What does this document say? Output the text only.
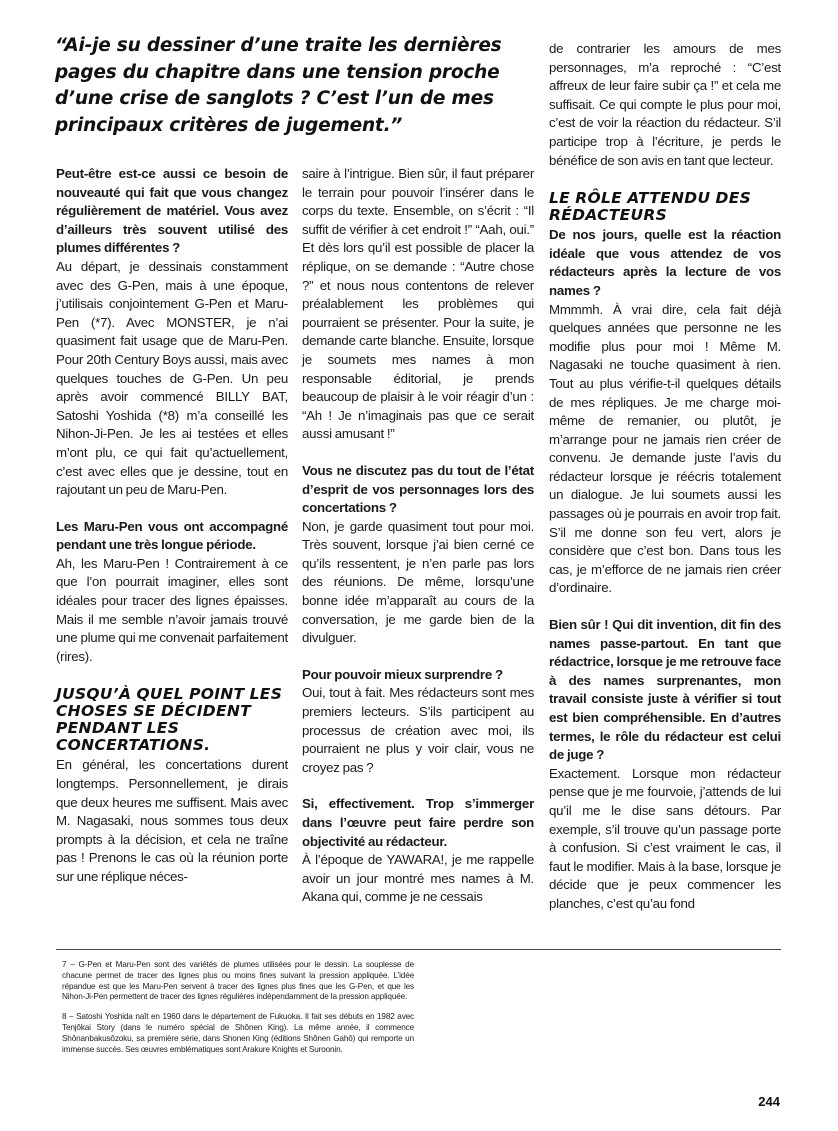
“Ai-je su dessiner d’une traite les dernières pages du chapitre dans une tension proche d’une crise de sanglots ? C’est l’un de mes principaux critères de jugement.”

Peut-être est-ce aussi ce besoin de nouveauté qui fait que vous changez régulièrement de matériel. Vous avez d’ailleurs très souvent utilisé des plumes différentes ?

Au départ, je dessinais constamment avec des G-Pen, mais à une époque, j’utilisais conjointement G-Pen et Maru-Pen (*7). Avec MONSTER, je n’ai quasiment fait usage que de Maru-Pen. Pour 20th Century Boys aussi, mais avec quelques touches de G-Pen. Un peu après avoir commencé BILLY BAT, Satoshi Yoshida (*8) m’a conseillé les Nihon-Ji-Pen. Je les ai testées et elles m’ont plu, ce qui fait qu’actuellement, c’est avec elles que je dessine, tout en rajoutant un peu de Maru-Pen.

Les Maru-Pen vous ont accompagné pendant une très longue période.

Ah, les Maru-Pen ! Contrairement à ce que l’on pourrait imaginer, elles sont idéales pour tracer des lignes épaisses. Mais il me semble n’avoir jamais trouvé une plume qui me convenait parfaitement (rires).

JUSQU’À QUEL POINT LES CHOSES SE DÉCIDENT PENDANT LES CONCERTATIONS.

En général, les concertations durent longtemps. Personnellement, je dirais que deux heures me suffisent. Mais avec M. Nagasaki, nous sommes tous deux prompts à la décision, et cela ne traîne pas ! Prenons le cas où la réunion porte sur une réplique néces-

saire à l’intrigue. Bien sûr, il faut préparer le terrain pour pouvoir l’insérer dans le corps du texte. Ensemble, on s’écrit : “Il suffit de vérifier à cet endroit !” “Aah, oui.” Et dès lors qu’il est possible de placer la réplique, on se demande : “Autre chose ?” et nous nous contentons de relever préalablement les problèmes qui pourraient se présenter. Pour la suite, je demande carte blanche. Ensuite, lorsque je soumets mes names à mon responsable éditorial, je prends beaucoup de plaisir à le voir réagir d’un : “Ah ! Je n’imaginais pas que ce serait aussi amusant !”

Vous ne discutez pas du tout de l’état d’esprit de vos personnages lors des concertations ?

Non, je garde quasiment tout pour moi. Très souvent, lorsque j’ai bien cerné ce qu’ils ressentent, je n’en parle pas lors des réunions. De même, lorsqu’une bonne idée m’apparaît au cours de la conversation, je me garde bien de la divulguer.

Pour pouvoir mieux surprendre ?

Oui, tout à fait. Mes rédacteurs sont mes premiers lecteurs. S’ils participent au processus de création avec moi, ils pourraient ne plus y voir clair, vous ne croyez pas ?

Si, effectivement. Trop s’immerger dans l’œuvre peut faire perdre son objectivité au rédacteur.

À l’époque de YAWARA!, je me rappelle avoir un jour montré mes names à M. Akana qui, comme je ne cessais

de contrarier les amours de mes personnages, m’a reproché : “C’est affreux de leur faire subir ça !” et cela me suffisait. Ce qui compte le plus pour moi, c’est de voir la réaction du rédacteur. S’il participe trop à l’écriture, je perds le bénéfice de son avis en tant que lecteur.

LE RÔLE ATTENDU DES RÉDACTEURS

De nos jours, quelle est la réaction idéale que vous attendez de vos rédacteurs après la lecture de vos names ?

Mmmmh. À vrai dire, cela fait déjà quelques années que personne ne les modifie plus pour moi ! Même M. Nagasaki ne touche quasiment à rien. Tout au plus vérifie-t-il quelques détails de mes répliques. Je me charge moi-même de remanier, ou plutôt, je m’arrange pour ne jamais rien créer de convenu. Je demande juste l’avis du rédacteur lorsque je réécris totalement un dialogue. Je lui soumets aussi les passages où je pourrais en avoir trop fait. S’il me donne son feu vert, alors je considère que c’est bon. Dans tous les cas, je m’efforce de ne jamais rien créer d’ordinaire.

Bien sûr ! Qui dit invention, dit fin des names passe-partout. En tant que rédactrice, lorsque je me retrouve face à des names surprenantes, mon travail consiste juste à vérifier si tout est bien compréhensible. En d’autres termes, le rôle du rédacteur est celui de juge ?

Exactement. Lorsque mon rédacteur pense que je me fourvoie, j’attends de lui qu’il me le dise sans détours. Par exemple, s’il trouve qu’un passage porte à confusion. Si c’est vraiment le cas, il faut le modifier. Mais à la base, lorsque je décide que je peux commencer les planches, c’est qu’au fond

7 – G-Pen et Maru-Pen sont des variétés de plumes utilisées pour le dessin. La souplesse de chacune permet de tracer des lignes plus ou moins fines suivant la pression appliquée. L’idée répandue est que les Maru-Pen servent à tracer des lignes plus fines que les G-Pen, et que les Nihon-Ji-Pen permettent de tracer des lignes régulières indépendamment de la pression appliquée.

8 – Satoshi Yoshida naît en 1960 dans le département de Fukuoka. Il fait ses débuts en 1982 avec Tenjôkai Story (dans le numéro spécial de Shônen King). La même année, il commence Shônanbakusôzoku, sa première série, dans Shonen King (éditions Shônen Gahô) qui remporte un immense succès. Ses œuvres emblématiques sont Arakure Knights et Suroonin.

244
